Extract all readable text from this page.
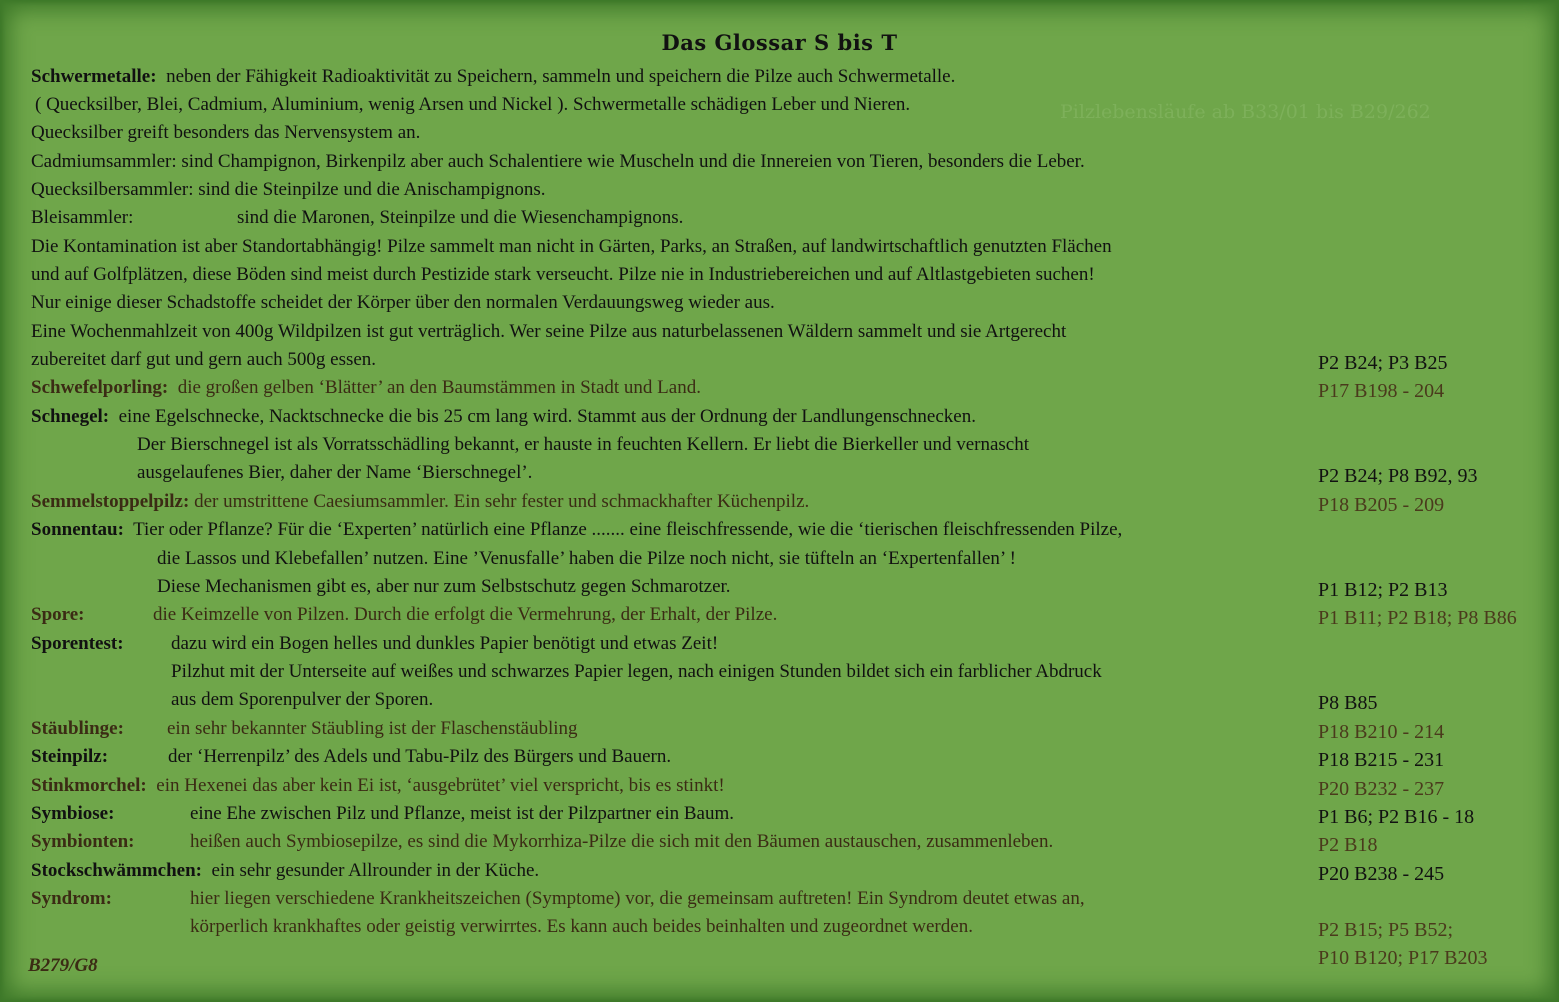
Das Glossar S bis T
Pilzlebensläufe ab B33/01 bis B29/262
Schwermetalle: neben der Fähigkeit Radioaktivität zu Speichern, sammeln und speichern die Pilze auch Schwermetalle.
( Quecksilber, Blei, Cadmium, Aluminium, wenig Arsen und Nickel ). Schwermetalle schädigen Leber und Nieren.
Quecksilber greift besonders das Nervensystem an.
Cadmiumsammler: sind Champignon, Birkenpilz aber auch Schalentiere wie Muscheln und die Innereien von Tieren, besonders die Leber.
Quecksilbersammler: sind die Steinpilze und die Anischampignons.
Bleisammler:	sind die Maronen, Steinpilze und die Wiesenchampignons.
Die Kontamination ist aber Standortabhängig! Pilze sammelt man nicht in Gärten, Parks, an Straßen, auf landwirtschaftlich genutzten Flächen
und auf Golfplätzen, diese Böden sind meist durch Pestizide stark verseucht. Pilze nie in Industriebereichen und auf Altlastgebieten suchen!
Nur einige dieser Schadstoffe scheidet der Körper über den normalen Verdauungsweg wieder aus.
Eine Wochenmahlzeit von 400g Wildpilzen ist gut verträglich. Wer seine Pilze aus naturbelassenen Wäldern sammelt und sie Artgerecht
zubereitet darf gut und gern auch 500g essen.	P2 B24; P3 B25
Schwefelporling: die großen gelben ‘Blätter’ an den Baumstämmen in Stadt und Land.	P17 B198 - 204
Schnegel: eine Egelschnecke, Nacktschnecke die bis 25 cm lang wird. Stammt aus der Ordnung der Landlungenschnecken.
Der Bierschnegel ist als Vorratsschädling bekannt, er hauste in feuchten Kellern. Er liebt die Bierkeller und vernascht
ausgelaufenes Bier, daher der Name ‘Bierschnegel’.	P2 B24; P8 B92, 93
Semmelstoppelpilz: der umstrittene Caesiumsammler. Ein sehr fester und schmackhafter Küchenpilz.	P18 B205 - 209
Sonnentau: Tier oder Pflanze? Für die ‘Experten’ natürlich eine Pflanze ....... eine fleischfressende, wie die ‘tierischen fleischfressenden Pilze,
die Lassos und Klebefallen’ nutzen. Eine ’Venusfalle’ haben die Pilze noch nicht, sie tüfteln an ‘Expertenfallen’ !
Diese Mechanismen gibt es, aber nur zum Selbstschutz gegen Schmarotzer.	P1 B12; P2 B13
Spore:	die Keimzelle von Pilzen. Durch die erfolgt die Vermehrung, der Erhalt, der Pilze.	P1 B11; P2 B18; P8 B86
Sporentest: dazu wird ein Bogen helles und dunkles Papier benötigt und etwas Zeit!
Pilzhut mit der Unterseite auf weißes und schwarzes Papier legen, nach einigen Stunden bildet sich ein farblicher Abdruck
aus dem Sporenpulver der Sporen.	P8 B85
Stäublinge: ein sehr bekannter Stäubling ist der Flaschenstäubling	P18 B210 - 214
Steinpilz:	der ‘Herrenpilz’ des Adels und Tabu-Pilz des Bürgers und Bauern.	P18 B215 - 231
Stinkmorchel: ein Hexenei das aber kein Ei ist, ‘ausgebrütet’ viel verspricht, bis es stinkt!	P20 B232 - 237
Symbiose:	eine Ehe zwischen Pilz und Pflanze, meist ist der Pilzpartner ein Baum.	P1 B6; P2 B16 - 18
Symbionten:	heißen auch Symbiosepilze, es sind die Mykorrhiza-Pilze die sich mit den Bäumen austauschen, zusammenleben.	P2 B18
Stockschwämmchen: ein sehr gesunder Allrounder in der Küche.	P20 B238 - 245
Syndrom:	hier liegen verschiedene Krankheitszeichen (Symptome) vor, die gemeinsam auftreten! Ein Syndrom deutet etwas an,
körperlich krankhaftes oder geistig verwirrtes. Es kann auch beides beinhalten und zugeordnet werden.	P2 B15; P5 B52;
P10 B120; P17 B203
B279/G8
